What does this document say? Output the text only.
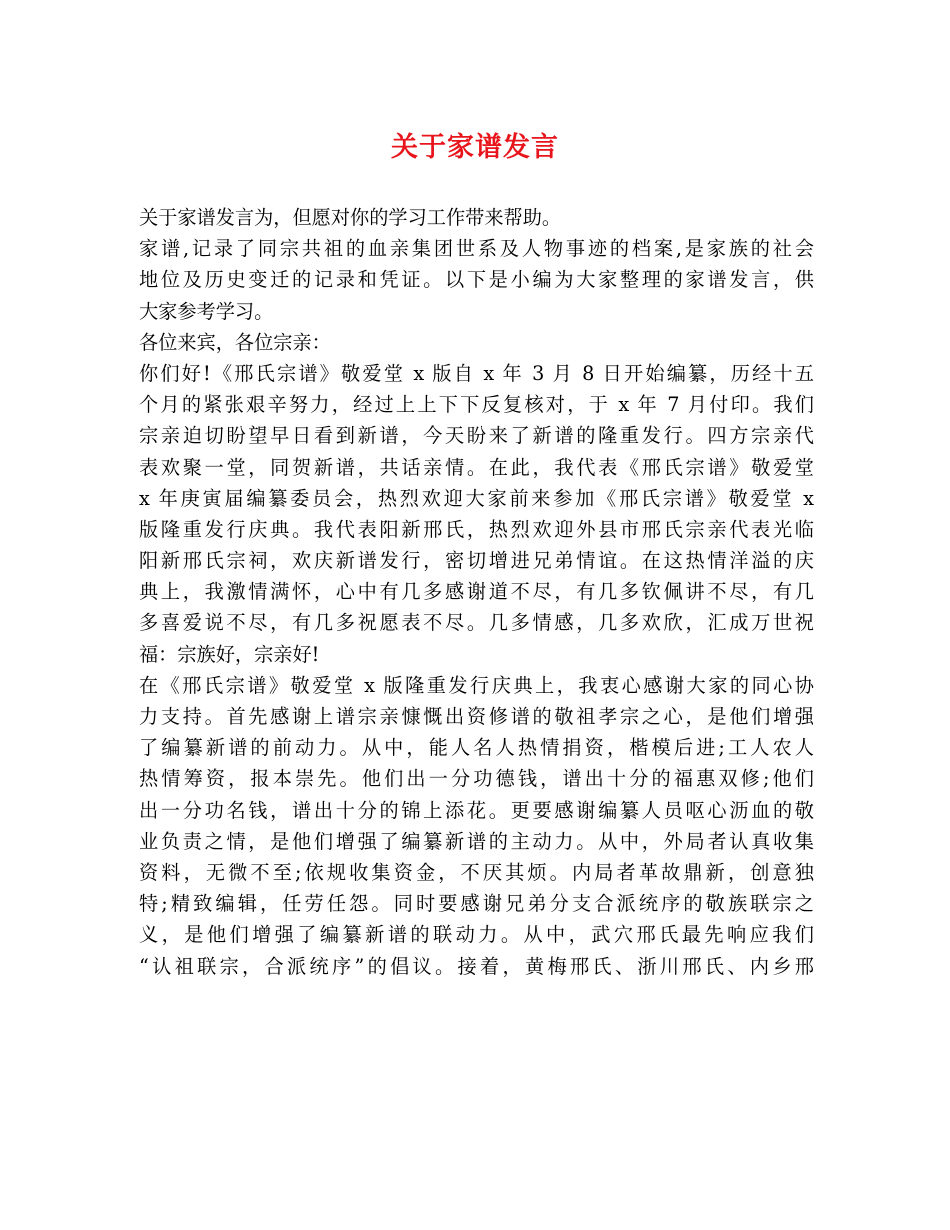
关于家谱发言
关于家谱发言为，但愿对你的学习工作带来帮助。
家谱,记录了同宗共祖的血亲集团世系及人物事迹的档案,是家族的社会
地位及历史变迁的记录和凭证。以下是小编为大家整理的家谱发言，供
大家参考学习。
各位来宾，各位宗亲：
你们好!《邢氏宗谱》敬爱堂 x 版自 x 年 3 月 8 日开始编纂，历经十五
个月的紧张艰辛努力，经过上上下下反复核对，于 x 年 7 月付印。我们
宗亲迫切盼望早日看到新谱，今天盼来了新谱的隆重发行。四方宗亲代
表欢聚一堂，同贺新谱，共话亲情。在此，我代表《邢氏宗谱》敬爱堂
x 年庚寅届编纂委员会，热烈欢迎大家前来参加《邢氏宗谱》敬爱堂 x
版隆重发行庆典。我代表阳新邢氏，热烈欢迎外县市邢氏宗亲代表光临
阳新邢氏宗祠，欢庆新谱发行，密切增进兄弟情谊。在这热情洋溢的庆
典上，我激情满怀，心中有几多感谢道不尽，有几多钦佩讲不尽，有几
多喜爱说不尽，有几多祝愿表不尽。几多情感，几多欢欣，汇成万世祝
福：宗族好，宗亲好!
在《邢氏宗谱》敬爱堂 x 版隆重发行庆典上，我衷心感谢大家的同心协
力支持。首先感谢上谱宗亲慷慨出资修谱的敬祖孝宗之心，是他们增强
了编纂新谱的前动力。从中，能人名人热情捐资，楷模后进;工人农人
热情筹资，报本崇先。他们出一分功德钱，谱出十分的福惠双修;他们
出一分功名钱，谱出十分的锦上添花。更要感谢编纂人员呕心沥血的敬
业负责之情，是他们增强了编纂新谱的主动力。从中，外局者认真收集
资料，无微不至;依规收集资金，不厌其烦。内局者革故鼎新，创意独
特;精致编辑，任劳任怨。同时要感谢兄弟分支合派统序的敬族联宗之
义，是他们增强了编纂新谱的联动力。从中，武穴邢氏最先响应我们
“认祖联宗，合派统序”的倡议。接着，黄梅邢氏、浙川邢氏、内乡邢
